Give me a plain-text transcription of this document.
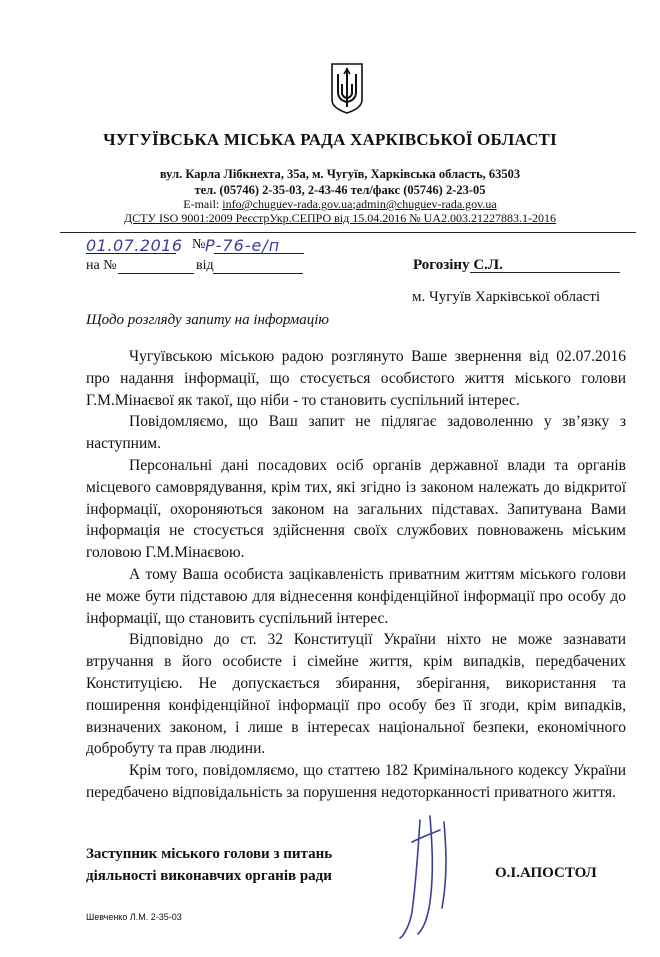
ЧУГУЇВСЬКА МІСЬКА РАДА ХАРКІВСЬКОЇ ОБЛАСТІ
вул. Карла Лібкнехта, 35а, м. Чугуїв, Харківська область, 63503
тел. (05746) 2-35-03, 2-43-46 тел/факс (05746) 2-23-05
E-mail: info@chuguev-rada.gov.ua;admin@chuguev-rada.gov.ua
ДСТУ ISO 9001:2009 РеєстрУкр.СЕПРО від 15.04.2016 № UA2.003.21227883.1-2016
01.07.2016 № Р-76-е/п
на №	від	Рогозіну С.Л.
м. Чугуїв Харківської області
Щодо розгляду запиту на інформацію

Чугуївською міською радою розглянуто Ваше звернення від 02.07.2016 про надання інформації, що стосується особистого життя міського голови Г.М.Мінаєвої як такої, що ніби - то становить суспільний інтерес.

Повідомляємо, що Ваш запит не підлягає задоволенню у зв’язку з наступним.

Персональні дані посадових осіб органів державної влади та органів місцевого самоврядування, крім тих, які згідно із законом належать до відкритої інформації, охороняються законом на загальних підставах. Запитувана Вами інформація не стосується здійснення своїх службових повноважень міським головою Г.М.Мінаєвою.

А тому Ваша особиста зацікавленість приватним життям міського голови не може бути підставою для віднесення конфіденційної інформації про особу до інформації, що становить суспільний інтерес.

Відповідно до ст. 32 Конституції України ніхто не може зазнавати втручання в його особисте і сімейне життя, крім випадків, передбачених Конституцією. Не допускається збирання, зберігання, використання та поширення конфіденційної інформації про особу без її згоди, крім випадків, визначених законом, і лише в інтересах національної безпеки, економічного добробуту та прав людини.

Крім того, повідомляємо, що статтею 182 Кримінального кодексу України передбачено відповідальність за порушення недоторканності приватного життя.

Заступник міського голови з питань
діяльності виконавчих органів ради	О.І.АПОСТОЛ
Шевченко Л.М. 2-35-03
